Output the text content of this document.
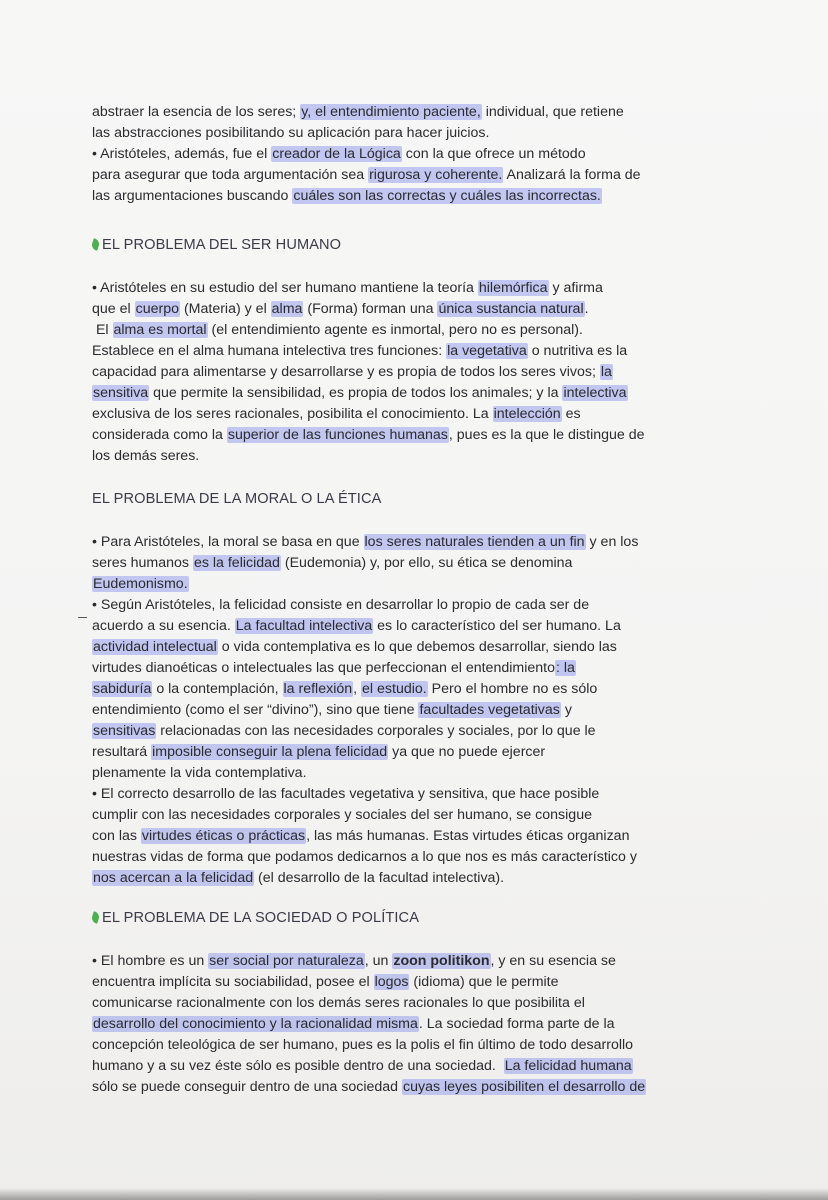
abstraer la esencia de los seres; y, el entendimiento paciente, individual, que retiene
las abstracciones posibilitando su aplicación para hacer juicios.
• Aristóteles, además, fue el creador de la Lógica con la que ofrece un método
para asegurar que toda argumentación sea rigurosa y coherente. Analizará la forma de
las argumentaciones buscando cuáles son las correctas y cuáles las incorrectas.

EL PROBLEMA DEL SER HUMANO

• Aristóteles en su estudio del ser humano mantiene la teoría hilemórfica y afirma
que el cuerpo (Materia) y el alma (Forma) forman una única sustancia natural.
El alma es mortal (el entendimiento agente es inmortal, pero no es personal).
Establece en el alma humana intelectiva tres funciones: la vegetativa o nutritiva es la
capacidad para alimentarse y desarrollarse y es propia de todos los seres vivos; la
sensitiva que permite la sensibilidad, es propia de todos los animales; y la intelectiva
exclusiva de los seres racionales, posibilita el conocimiento. La intelección es
considerada como la superior de las funciones humanas, pues es la que le distingue de
los demás seres.

EL PROBLEMA DE LA MORAL O LA ÉTICA

• Para Aristóteles, la moral se basa en que los seres naturales tienden a un fin y en los
seres humanos es la felicidad (Eudemonia) y, por ello, su ética se denomina
Eudemonismo.
• Según Aristóteles, la felicidad consiste en desarrollar lo propio de cada ser de
acuerdo a su esencia. La facultad intelectiva es lo característico del ser humano. La
actividad intelectual o vida contemplativa es lo que debemos desarrollar, siendo las
virtudes dianoéticas o intelectuales las que perfeccionan el entendimiento: la
sabiduría o la contemplación, la reflexión, el estudio. Pero el hombre no es sólo
entendimiento (como el ser “divino”), sino que tiene facultades vegetativas y
sensitivas relacionadas con las necesidades corporales y sociales, por lo que le
resultará imposible conseguir la plena felicidad ya que no puede ejercer
plenamente la vida contemplativa.
• El correcto desarrollo de las facultades vegetativa y sensitiva, que hace posible
cumplir con las necesidades corporales y sociales del ser humano, se consigue
con las virtudes éticas o prácticas, las más humanas. Estas virtudes éticas organizan
nuestras vidas de forma que podamos dedicarnos a lo que nos es más característico y
nos acercan a la felicidad (el desarrollo de la facultad intelectiva).

EL PROBLEMA DE LA SOCIEDAD O POLÍTICA

• El hombre es un ser social por naturaleza, un zoon politikon, y en su esencia se
encuentra implícita su sociabilidad, posee el logos (idioma) que le permite
comunicarse racionalmente con los demás seres racionales lo que posibilita el
desarrollo del conocimiento y la racionalidad misma. La sociedad forma parte de la
concepción teleológica de ser humano, pues es la polis el fin último de todo desarrollo
humano y a su vez éste sólo es posible dentro de una sociedad.  La felicidad humana
sólo se puede conseguir dentro de una sociedad cuyas leyes posibiliten el desarrollo de
